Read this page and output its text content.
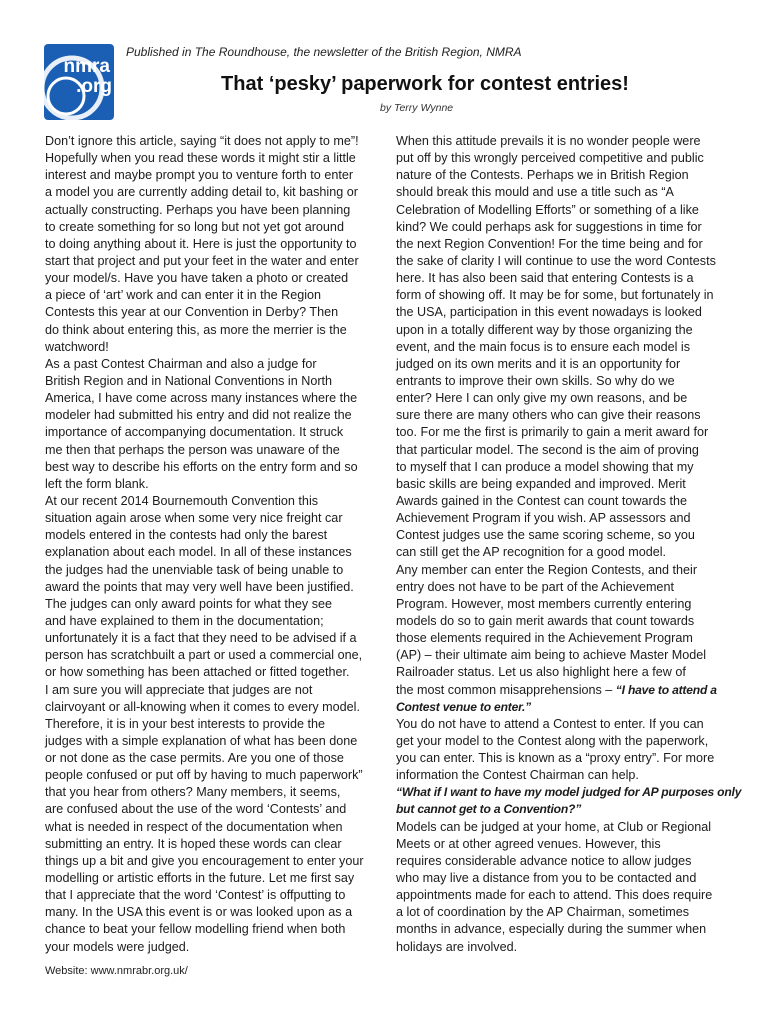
nmra
.org
Published in The Roundhouse, the newsletter of the British Region, NMRA
That ‘pesky’ paperwork for contest entries!
by Terry Wynne
Don’t ignore this article, saying “it does not apply to me”!
Hopefully when you read these words it might stir a little
interest and maybe prompt you to venture forth to enter
a model you are currently adding detail to, kit bashing or
actually constructing. Perhaps you have been planning
to create something for so long but not yet got around
to doing anything about it. Here is just the opportunity to
start that project and put your feet in the water and enter
your model/s. Have you have taken a photo or created
a piece of ‘art’ work and can enter it in the Region
Contests this year at our Convention in Derby? Then
do think about entering this, as more the merrier is the
watchword!
As a past Contest Chairman and also a judge for
British Region and in National Conventions in North
America, I have come across many instances where the
modeler had submitted his entry and did not realize the
importance of accompanying documentation. It struck
me then that perhaps the person was unaware of the
best way to describe his efforts on the entry form and so
left the form blank.
At our recent 2014 Bournemouth Convention this
situation again arose when some very nice freight car
models entered in the contests had only the barest
explanation about each model. In all of these instances
the judges had the unenviable task of being unable to
award the points that may very well have been justified.
The judges can only award points for what they see
and have explained to them in the documentation;
unfortunately it is a fact that they need to be advised if a
person has scratchbuilt a part or used a commercial one,
or how something has been attached or fitted together.
I am sure you will appreciate that judges are not
clairvoyant or all-knowing when it comes to every model.
Therefore, it is in your best interests to provide the
judges with a simple explanation of what has been done
or not done as the case permits. Are you one of those
people confused or put off by having to much paperwork”
that you hear from others? Many members, it seems,
are confused about the use of the word ‘Contests’ and
what is needed in respect of the documentation when
submitting an entry. It is hoped these words can clear
things up a bit and give you encouragement to enter your
modelling or artistic efforts in the future. Let me first say
that I appreciate that the word ‘Contest’ is offputting to
many. In the USA this event is or was looked upon as a
chance to beat your fellow modelling friend when both
your models were judged.
When this attitude prevails it is no wonder people were
put off by this wrongly perceived competitive and public
nature of the Contests. Perhaps we in British Region
should break this mould and use a title such as “A
Celebration of Modelling Efforts” or something of a like
kind? We could perhaps ask for suggestions in time for
the next Region Convention! For the time being and for
the sake of clarity I will continue to use the word Contests
here. It has also been said that entering Contests is a
form of showing off. It may be for some, but fortunately in
the USA, participation in this event nowadays is looked
upon in a totally different way by those organizing the
event, and the main focus is to ensure each model is
judged on its own merits and it is an opportunity for
entrants to improve their own skills. So why do we
enter? Here I can only give my own reasons, and be
sure there are many others who can give their reasons
too. For me the first is primarily to gain a merit award for
that particular model. The second is the aim of proving
to myself that I can produce a model showing that my
basic skills are being expanded and improved. Merit
Awards gained in the Contest can count towards the
Achievement Program if you wish. AP assessors and
Contest judges use the same scoring scheme, so you
can still get the AP recognition for a good model.
Any member can enter the Region Contests, and their
entry does not have to be part of the Achievement
Program. However, most members currently entering
models do so to gain merit awards that count towards
those elements required in the Achievement Program
(AP) – their ultimate aim being to achieve Master Model
Railroader status. Let us also highlight here a few of
the most common misapprehensions – “I have to attend a
Contest venue to enter.”
You do not have to attend a Contest to enter. If you can
get your model to the Contest along with the paperwork,
you can enter. This is known as a “proxy entry”. For more
information the Contest Chairman can help.
“What if I want to have my model judged for AP purposes only
but cannot get to a Convention?”
Models can be judged at your home, at Club or Regional
Meets or at other agreed venues. However, this
requires considerable advance notice to allow judges
who may live a distance from you to be contacted and
appointments made for each to attend. This does require
a lot of coordination by the AP Chairman, sometimes
months in advance, especially during the summer when
holidays are involved.
Website: www.nmrabr.org.uk/
